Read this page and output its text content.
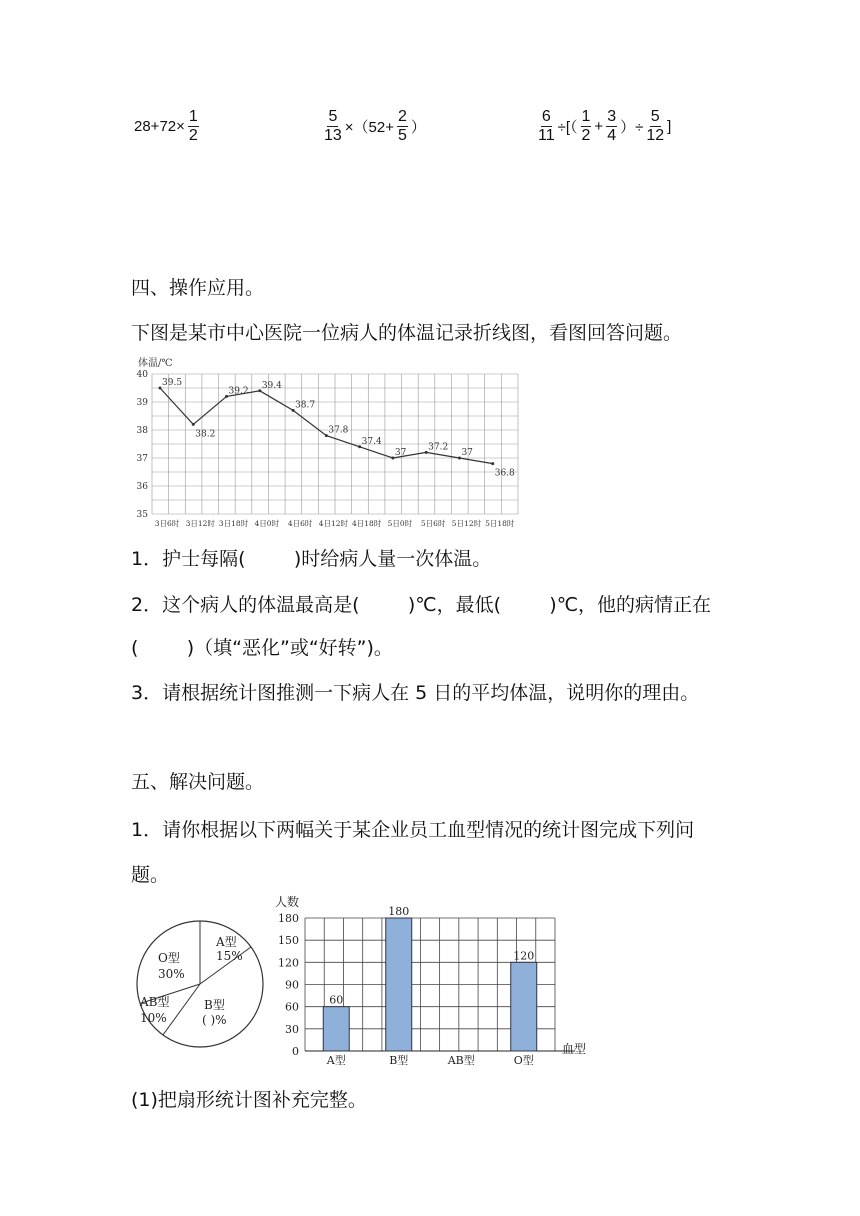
$28+72\times \frac{1}{2}$	$\frac{5}{13} \times(52+ \frac{2}{5}$ ）	$\frac{6}{11}$ ÷[（ $\frac{1}{2} + \frac{3}{4}$ ）÷ $\frac{5}{12}$ ]
四、操作应用。
下图是某市中心医院一位病人的体温记录折线图，看图回答问题。
体温/℃
35
36
37
38
39
40
3日6时 3日12时 3日18时 4日0时 4日6时 4日12时 4日18时 5日0时 5日6时 5日12时 5日18时
39.5
38.2
39.2
39.4
38.7
37.8
37.4
37
37.2
37
36.8
1．护士每隔(        )时给病人量一次体温。
2．这个病人的体温最高是(        )℃，最低(        )℃，他的病情正在
(        )（填“恶化”或“好转”)。
3．请根据统计图推测一下病人在 5 日的平均体温，说明你的理由。
五、解决问题。
1．请你根据以下两幅关于某企业员工血型情况的统计图完成下列问
题。
A型
15%
B型
( )%
AB型
10%
O型
30%
人数
血型
0
30
60
90
120
150
180
A型
60
B型
180
AB型	O型
120
(1)把扇形统计图补充完整。
